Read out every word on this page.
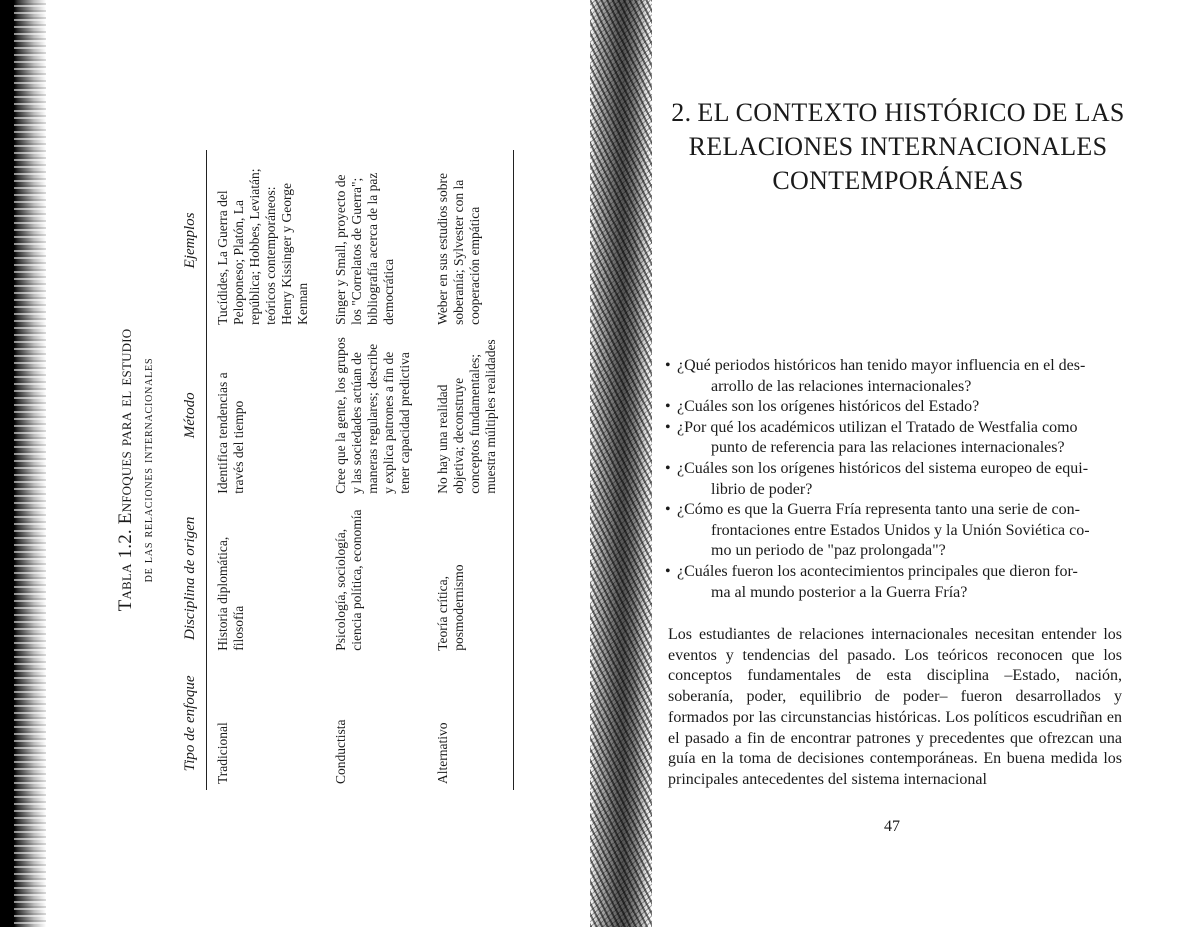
Tabla 1.2. Enfoques para el estudio de las relaciones internacionales
Tipo de enfoque	Disciplina de origen	Método	Ejemplos
Tradicional	Historia diplomática, filosofía	Identifica tendencias a través del tiempo	Tucídides, La Guerra del Peloponeso; Platón, La república; Hobbes, Leviatán; teóricos contemporáneos: Henry Kissinger y George Kennan
Conductista	Psicología, sociología, ciencia política, economía	Cree que la gente, los grupos y las sociedades actúan de maneras regulares; describe y explica patrones a fin de tener capacidad predictiva	Singer y Small, proyecto de los "Correlatos de Guerra"; bibliografía acerca de la paz democrática
Alternativo	Teoría crítica, posmodernismo	No hay una realidad objetiva; deconstruye conceptos fundamentales; muestra múltiples realidades	Weber en sus estudios sobre soberanía; Sylvester con la cooperación empática
2. EL CONTEXTO HISTÓRICO DE LAS
RELACIONES INTERNACIONALES
CONTEMPORÁNEAS
• ¿Qué periodos históricos han tenido mayor influencia en el des-
arrollo de las relaciones internacionales?
• ¿Cuáles son los orígenes históricos del Estado?
• ¿Por qué los académicos utilizan el Tratado de Westfalia como
punto de referencia para las relaciones internacionales?
• ¿Cuáles son los orígenes históricos del sistema europeo de equi-
librio de poder?
• ¿Cómo es que la Guerra Fría representa tanto una serie de con-
frontaciones entre Estados Unidos y la Unión Soviética co-
mo un periodo de "paz prolongada"?
• ¿Cuáles fueron los acontecimientos principales que dieron for-
ma al mundo posterior a la Guerra Fría?

Los estudiantes de relaciones internacionales necesitan entender los eventos y tendencias del pasado. Los teóricos reconocen que los conceptos fundamentales de esta disciplina –Estado, nación, soberanía, poder, equilibrio de poder– fueron desarrollados y formados por las circunstancias históricas. Los políticos escudriñan en el pasado a fin de encontrar patrones y precedentes que ofrezcan una guía en la toma de decisiones contemporáneas. En buena medida los principales antecedentes del sistema internacional

47
